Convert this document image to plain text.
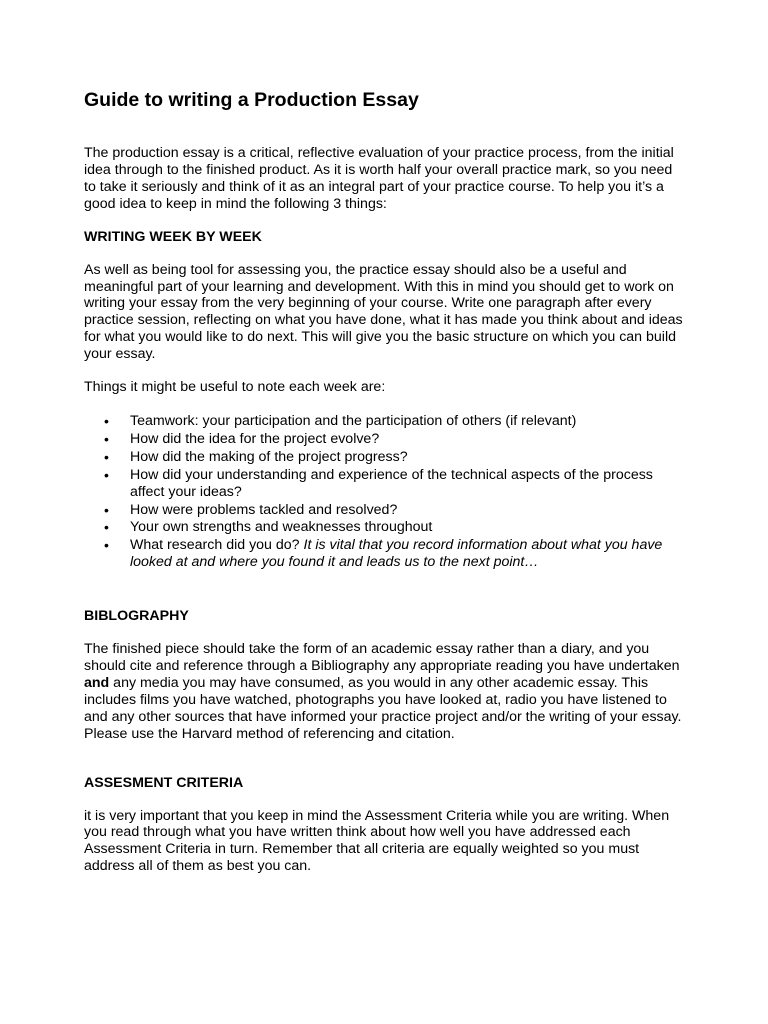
Guide to writing a Production Essay

The production essay is a critical, reflective evaluation of your practice process, from the initial idea through to the finished product. As it is worth half your overall practice mark, so you need to take it seriously and think of it as an integral part of your practice course. To help you it’s a good idea to keep in mind the following 3 things:

WRITING WEEK BY WEEK

As well as being tool for assessing you, the practice essay should also be a useful and meaningful part of your learning and development. With this in mind you should get to work on writing your essay from the very beginning of your course. Write one paragraph after every practice session, reflecting on what you have done, what it has made you think about and ideas for what you would like to do next. This will give you the basic structure on which you can build your essay.

Things it might be useful to note each week are:

• Teamwork: your participation and the participation of others (if relevant)
• How did the idea for the project evolve?
• How did the making of the project progress?
• How did your understanding and experience of the technical aspects of the process affect your ideas?
• How were problems tackled and resolved?
• Your own strengths and weaknesses throughout
• What research did you do? It is vital that you record information about what you have looked at and where you found it and leads us to the next point…
BIBLOGRAPHY

The finished piece should take the form of an academic essay rather than a diary, and you should cite and reference through a Bibliography any appropriate reading you have undertaken and any media you may have consumed, as you would in any other academic essay. This includes films you have watched, photographs you have looked at, radio you have listened to and any other sources that have informed your practice project and/or the writing of your essay. Please use the Harvard method of referencing and citation.

ASSESMENT CRITERIA

it is very important that you keep in mind the Assessment Criteria while you are writing. When you read through what you have written think about how well you have addressed each Assessment Criteria in turn. Remember that all criteria are equally weighted so you must address all of them as best you can.
